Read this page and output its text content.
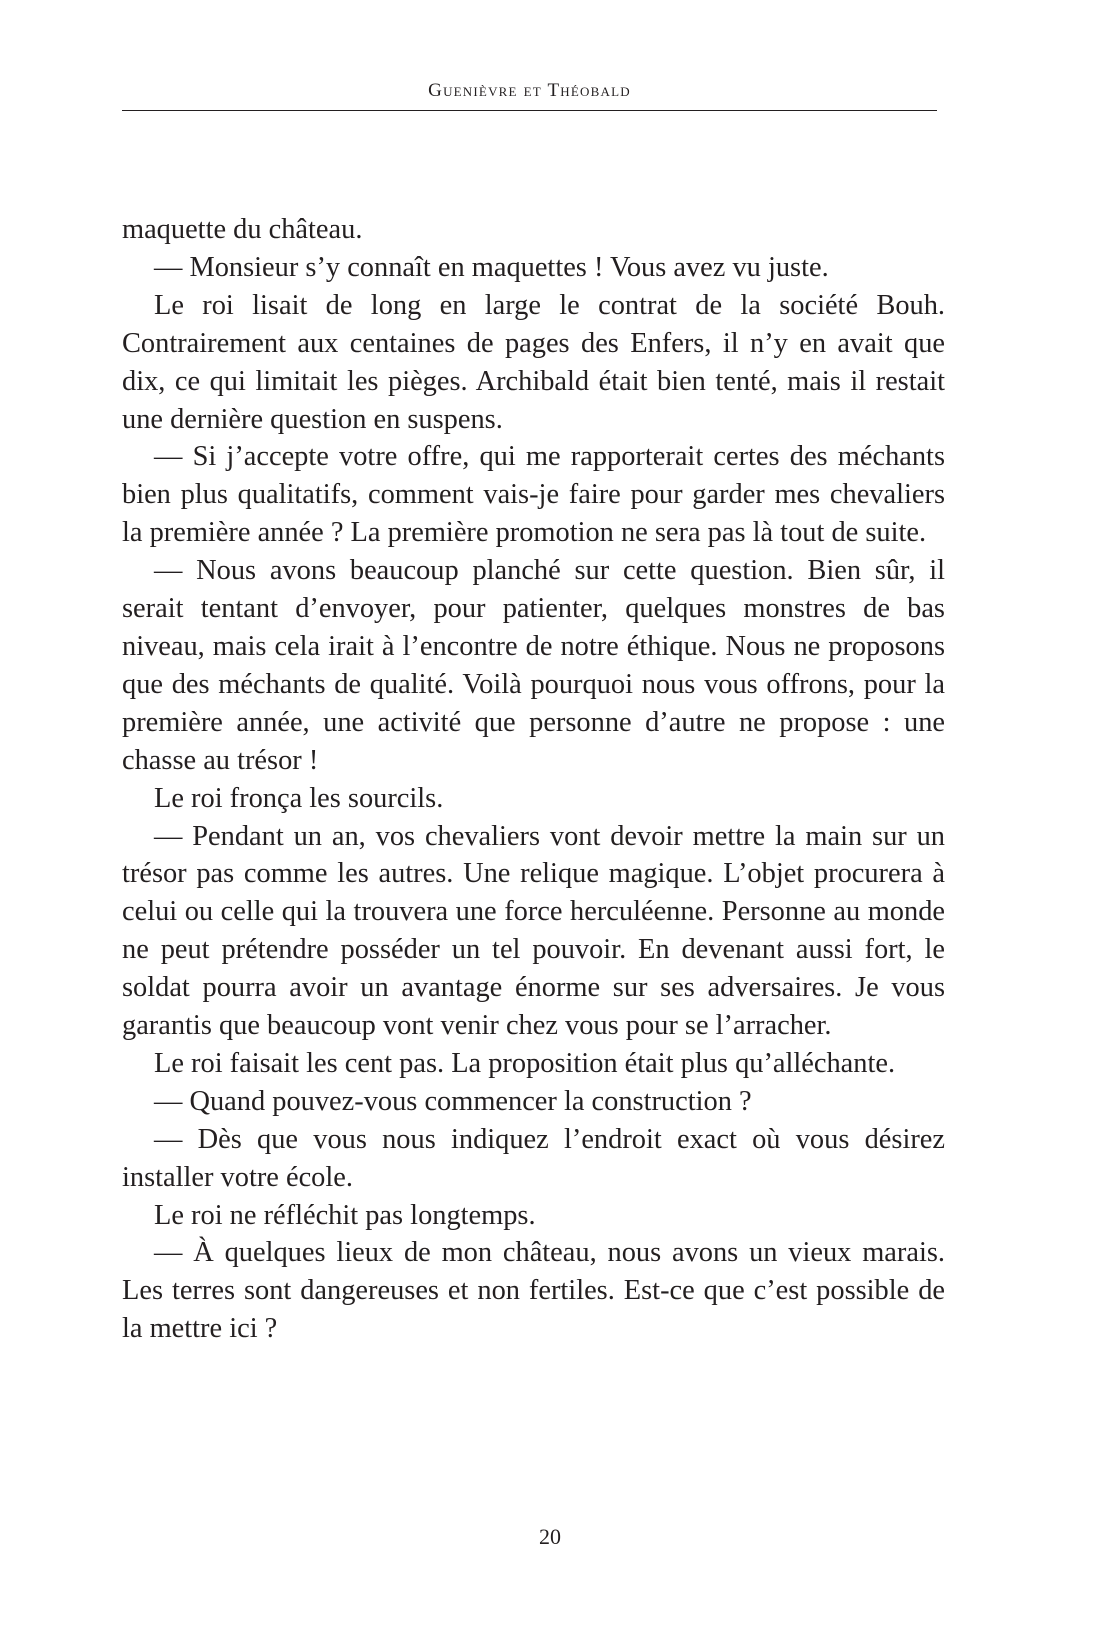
Guenièvre et Théobald

maquette du château.

— Monsieur s’y connaît en maquettes ! Vous avez vu juste.

Le roi lisait de long en large le contrat de la société Bouh. Contrairement aux centaines de pages des Enfers, il n’y en avait que dix, ce qui limitait les pièges. Archibald était bien tenté, mais il restait une dernière question en suspens.

— Si j’accepte votre offre, qui me rapporterait certes des méchants bien plus qualitatifs, comment vais-je faire pour garder mes chevaliers la première année ? La première promotion ne sera pas là tout de suite.

— Nous avons beaucoup planché sur cette question. Bien sûr, il serait tentant d’envoyer, pour patienter, quelques monstres de bas niveau, mais cela irait à l’encontre de notre éthique. Nous ne proposons que des méchants de qualité. Voilà pourquoi nous vous offrons, pour la première année, une activité que personne d’autre ne propose : une chasse au trésor !

Le roi fronça les sourcils.

— Pendant un an, vos chevaliers vont devoir mettre la main sur un trésor pas comme les autres. Une relique magique. L’objet procurera à celui ou celle qui la trouvera une force herculéenne. Personne au monde ne peut prétendre posséder un tel pouvoir. En devenant aussi fort, le soldat pourra avoir un avantage énorme sur ses adversaires. Je vous garantis que beaucoup vont venir chez vous pour se l’arracher.

Le roi faisait les cent pas. La proposition était plus qu’alléchante.

— Quand pouvez-vous commencer la construction ?

— Dès que vous nous indiquez l’endroit exact où vous désirez installer votre école.

Le roi ne réfléchit pas longtemps.

— À quelques lieux de mon château, nous avons un vieux marais. Les terres sont dangereuses et non fertiles. Est-ce que c’est possible de la mettre ici ?

20
